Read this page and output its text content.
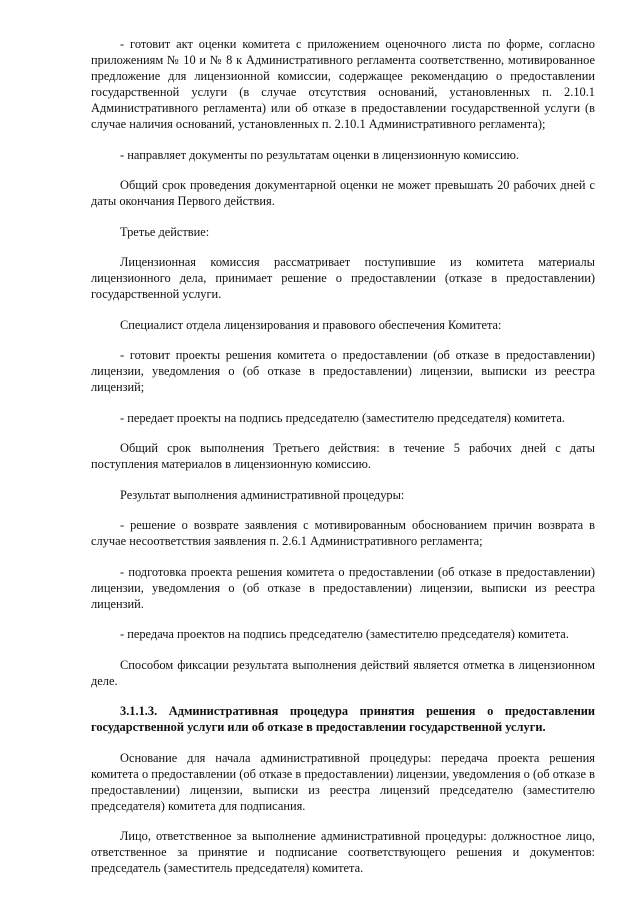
- готовит акт оценки комитета с приложением оценочного листа по форме, согласно приложениям № 10 и № 8 к Административного регламента соответственно, мотивированное предложение для лицензионной комиссии, содержащее рекомендацию о предоставлении государственной услуги (в случае отсутствия оснований, установленных п. 2.10.1 Административного регламента) или об отказе в предоставлении государственной услуги (в случае наличия оснований, установленных п. 2.10.1 Административного регламента);

- направляет документы по результатам оценки в лицензионную комиссию.

Общий срок проведения документарной оценки не может превышать 20 рабочих дней с даты окончания Первого действия.

Третье действие:

Лицензионная комиссия рассматривает поступившие из комитета материалы лицензионного дела, принимает решение о предоставлении (отказе в предоставлении) государственной услуги.

Специалист отдела лицензирования и правового обеспечения Комитета:

- готовит проекты решения комитета о предоставлении (об отказе в предоставлении) лицензии, уведомления о (об отказе в предоставлении) лицензии, выписки из реестра лицензий;

- передает проекты на подпись председателю (заместителю председателя) комитета.

Общий срок выполнения Третьего действия: в течение 5 рабочих дней с даты поступления материалов в лицензионную комиссию.

Результат выполнения административной процедуры:

- решение о возврате заявления с мотивированным обоснованием причин возврата в случае несоответствия заявления п. 2.6.1 Административного регламента;

- подготовка проекта решения комитета о предоставлении (об отказе в предоставлении) лицензии, уведомления о (об отказе в предоставлении) лицензии, выписки из реестра лицензий.

- передача проектов на подпись председателю (заместителю председателя) комитета.

Способом фиксации результата выполнения действий является отметка в лицензионном деле.

3.1.1.3. Административная процедура принятия решения о предоставлении государственной услуги или об отказе в предоставлении государственной услуги.

Основание для начала административной процедуры: передача проекта решения комитета о предоставлении (об отказе в предоставлении) лицензии, уведомления о (об отказе в предоставлении) лицензии, выписки из реестра лицензий председателю (заместителю председателя) комитета для подписания.

Лицо, ответственное за выполнение административной процедуры: должностное лицо, ответственное за принятие и подписание соответствующего решения и документов: председатель (заместитель председателя) комитета.
